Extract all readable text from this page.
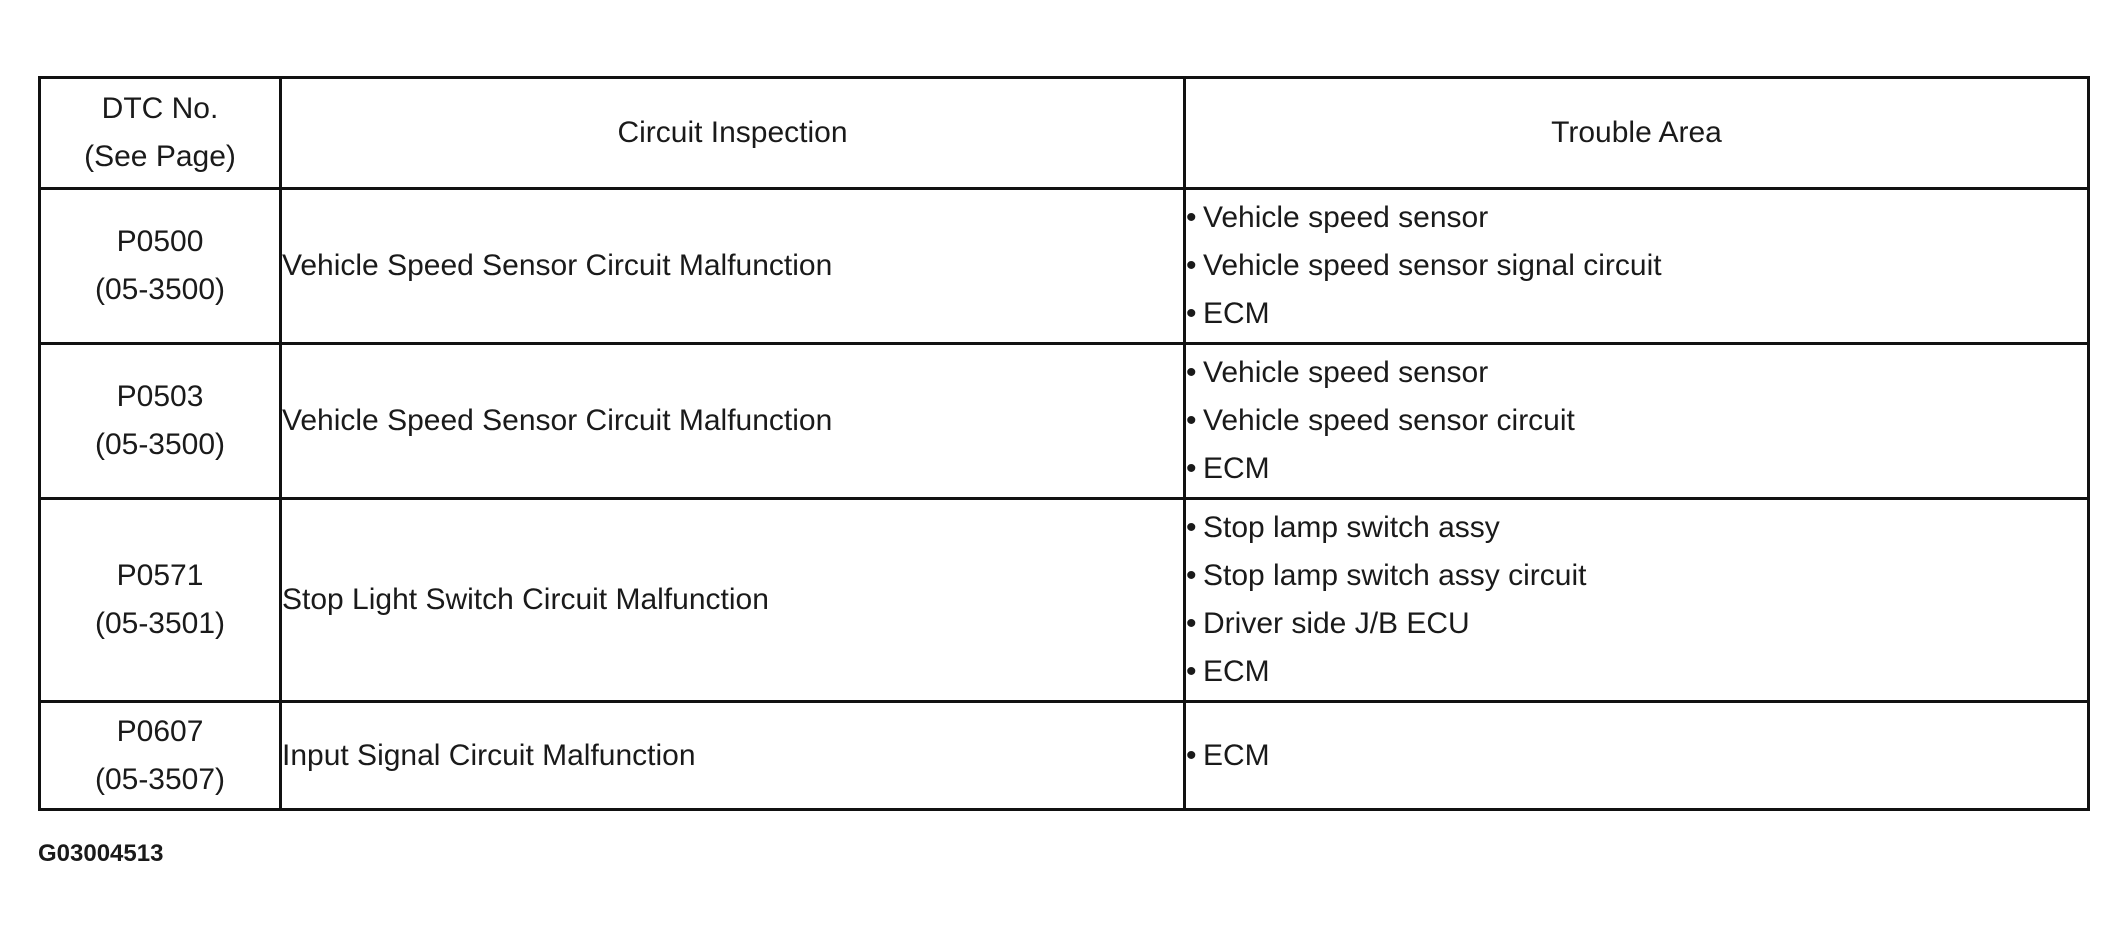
DTC No.
(See Page)	Circuit Inspection	Trouble Area

P0500
(05-3500)	Vehicle Speed Sensor Circuit Malfunction	• Vehicle speed sensor
• Vehicle speed sensor signal circuit
• ECM

P0503
(05-3500)	Vehicle Speed Sensor Circuit Malfunction	• Vehicle speed sensor
• Vehicle speed sensor circuit
• ECM

P0571
(05-3501)	Stop Light Switch Circuit Malfunction	• Stop lamp switch assy
• Stop lamp switch assy circuit
• Driver side J/B ECU
• ECM

P0607
(05-3507)	Input Signal Circuit Malfunction	• ECM
G03004513
